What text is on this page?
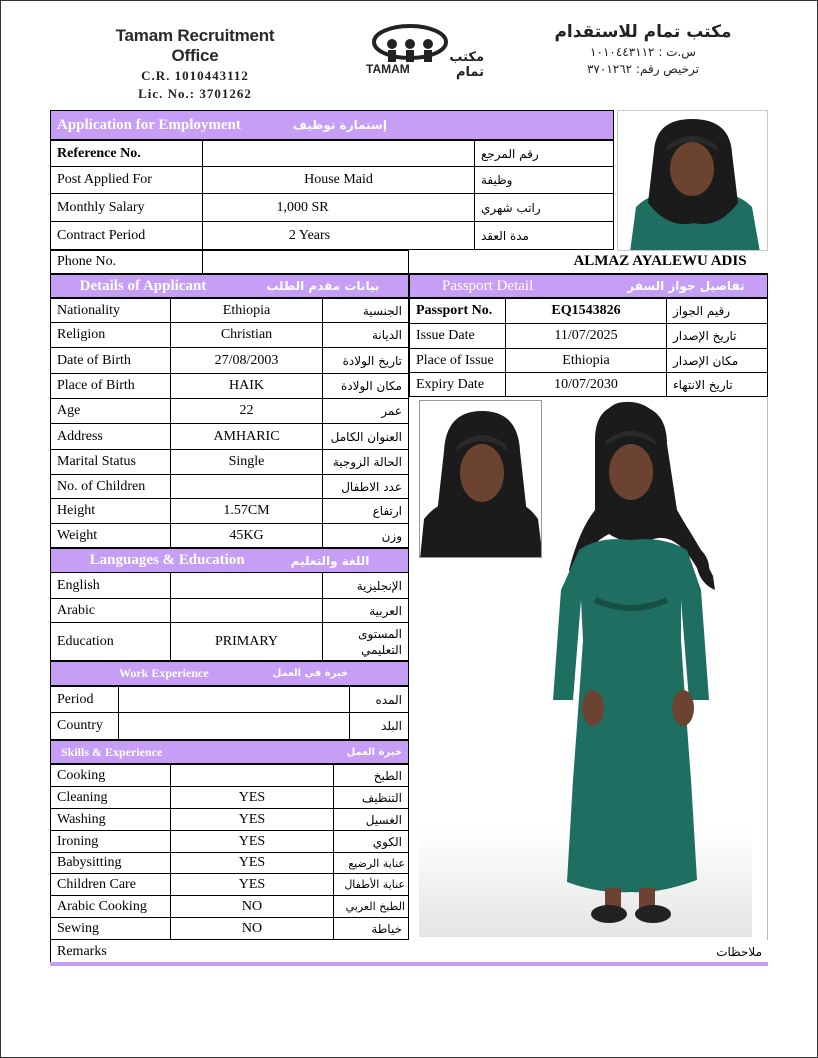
Tamam Recruitment Office
C.R. 1010443112
Lic. No.: 3701262
TAMAM
مكتب تمام
مكتب تمام للاستقدام
س.ت : ١٠١٠٤٤٣١١٢
ترخيص رقم: ٣٧٠١٢٦٢
Application for Employment	إستمارة توظيف
Reference No.	رقم المرجع
Post Applied For	House Maid	وظيفة
Monthly Salary	1,000 SR	راتب شهري
Contract Period	2 Years	مدة العقد
Phone No.	ALMAZ AYALEWU ADIS
Details of Applicant	بيانات مقدم الطلب
Nationality	Ethiopia	الجنسية
Religion	Christian	الديانة
Date of Birth	27/08/2003	تاريخ الولادة
Place of Birth	HAIK	مكان الولادة
Age	22	عمر
Address	AMHARIC	العنوان الكامل
Marital Status	Single	الحالة الزوجية
No. of Children	عدد الاطفال
Height	1.57CM	ارتفاع
Weight	45KG	وزن
Passport Detail	تفاصيل جواز السفر
Passport No.	EQ1543826	رقيم الجواز
Issue Date	11/07/2025	تاريخ الإصدار
Place of Issue	Ethiopia	مكان الإصدار
Expiry Date	10/07/2030	تاريخ الانتهاء
Languages & Education	اللغة والتعليم
English	الإنجليزية
Arabic	العربية
Education	PRIMARY	المستوى التعليمي
Work Experience	خبرة في العمل
Period	المده
Country	البلد
Skills & Experience	خبرة العمل
Cooking	الطبخ
Cleaning	YES	التنظيف
Washing	YES	الغسيل
Ironing	YES	الكوي
Babysitting	YES	عناية الرضيع
Children Care	YES	عناية الأطفال
Arabic Cooking	NO	الطبخ العربي
Sewing	NO	خياطة
Remarks	ملاحظات
